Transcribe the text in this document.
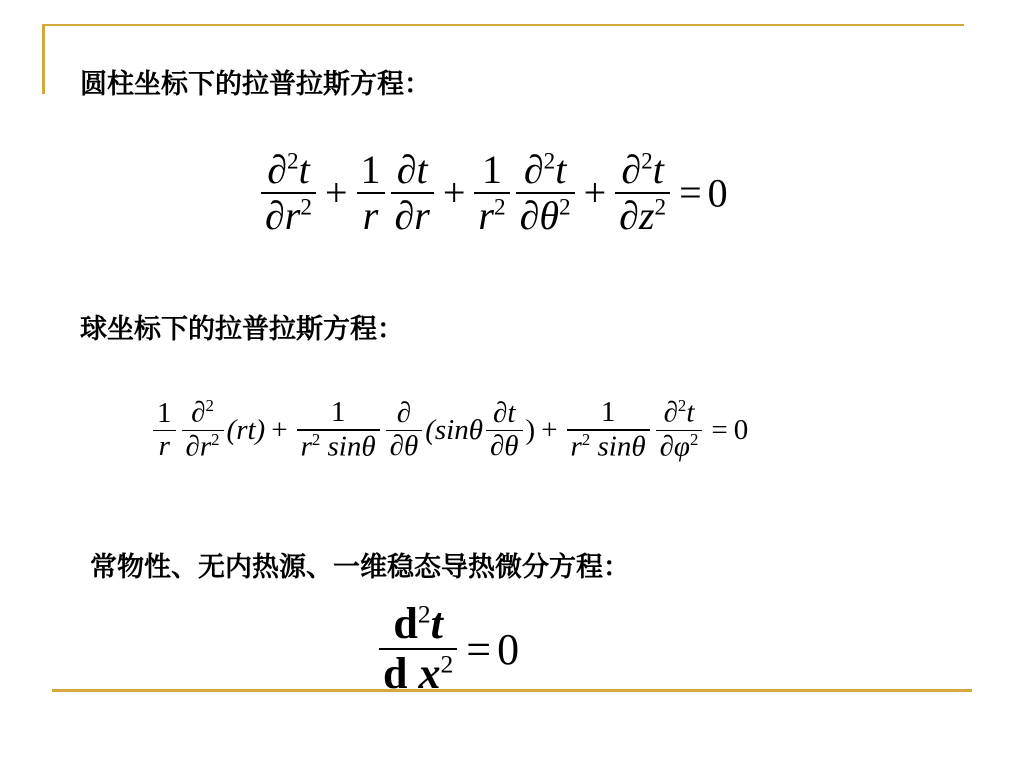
圆柱坐标下的拉普拉斯方程：
$\frac{\partial^2t}{\partial r^2} + \frac{1}{r} \frac{\partial t}{\partial r} + \frac{1}{r^2} \frac{\partial^2t}{\partial\theta^2} + \frac{\partial^2t}{\partial z^2} = 0$
球坐标下的拉普拉斯方程：
$\frac{1}{r} \frac{\partial^2}{\partial r^2} (rt) + \frac{1}{r^2 \sin\theta} \frac{\partial}{\partial\theta} (\sin\theta \frac{\partial t}{\partial\theta}$ ) + $\frac{1}{r^2 \sin\theta} \frac{\partial^2t}{\partial\varphi^2} = 0$
常物性、无内热源、一维稳态导热微分方程：
$\frac{d^2t}{d x^2} = 0$
